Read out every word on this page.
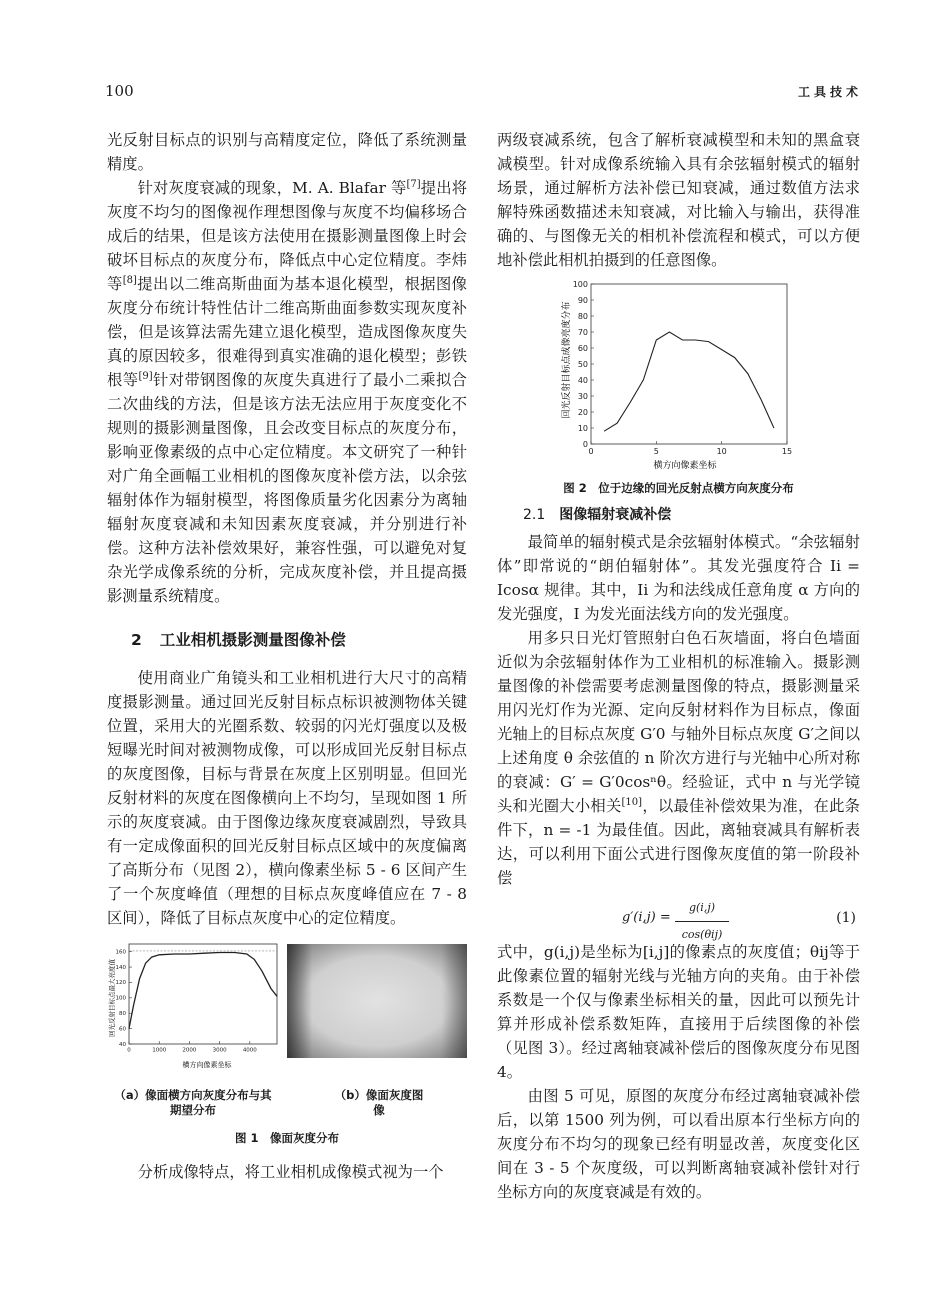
100	工具技术

光反射目标点的识别与高精度定位，降低了系统测量精度。

针对灰度衰减的现象，M. A. Blafar 等[7]提出将灰度不均匀的图像视作理想图像与灰度不均偏移场合成后的结果，但是该方法使用在摄影测量图像上时会破坏目标点的灰度分布，降低点中心定位精度。李炜等[8]提出以二维高斯曲面为基本退化模型，根据图像灰度分布统计特性估计二维高斯曲面参数实现灰度补偿，但是该算法需先建立退化模型，造成图像灰度失真的原因较多，很难得到真实准确的退化模型；彭铁根等[9]针对带钢图像的灰度失真进行了最小二乘拟合二次曲线的方法，但是该方法无法应用于灰度变化不规则的摄影测量图像，且会改变目标点的灰度分布，影响亚像素级的点中心定位精度。本文研究了一种针对广角全画幅工业相机的图像灰度补偿方法，以余弦辐射体作为辐射模型，将图像质量劣化因素分为离轴辐射灰度衰减和未知因素灰度衰减，并分别进行补偿。这种方法补偿效果好，兼容性强，可以避免对复杂光学成像系统的分析，完成灰度补偿，并且提高摄影测量系统精度。

2 工业相机摄影测量图像补偿

使用商业广角镜头和工业相机进行大尺寸的高精度摄影测量。通过回光反射目标点标识被测物体关键位置，采用大的光圈系数、较弱的闪光灯强度以及极短曝光时间对被测物成像，可以形成回光反射目标点的灰度图像，目标与背景在灰度上区别明显。但回光反射材料的灰度在图像横向上不均匀，呈现如图 1 所示的灰度衰减。由于图像边缘灰度衰减剧烈，导致具有一定成像面积的回光反射目标点区域中的灰度偏离了高斯分布（见图 2），横向像素坐标 5 - 6 区间产生了一个灰度峰值（理想的目标点灰度峰值应在 7 - 8 区间），降低了目标点灰度中心的定位精度。

回光反射目标点最大亮度值
横方向像素坐标
0	1000	2000	3000	4000
40
60
80
100
120
140
160
（a）像面横方向灰度分布与其期望分布
（b）像面灰度图像
图 1　像面灰度分布

分析成像特点，将工业相机成像模式视为一个

两级衰减系统，包含了解析衰减模型和未知的黑盒衰减模型。针对成像系统输入具有余弦辐射模式的辐射场景，通过解析方法补偿已知衰减，通过数值方法求解特殊函数描述未知衰减，对比输入与输出，获得准确的、与图像无关的相机补偿流程和模式，可以方便地补偿此相机拍摄到的任意图像。

回光反射目标点成像亮度分布
横方向像素坐标
0	5	10	15
0
10
20
30
40
50
60
70
80
90
100
图 2　位于边缘的回光反射点横方向灰度分布
2.1 图像辐射衰减补偿

最简单的辐射模式是余弦辐射体模式。“余弦辐射体”即常说的“朗伯辐射体”。其发光强度符合 Ii = Icosα 规律。其中，Ii 为和法线成任意角度 α 方向的发光强度，I 为发光面法线方向的发光强度。

用多只日光灯管照射白色石灰墙面，将白色墙面近似为余弦辐射体作为工业相机的标准输入。摄影测量图像的补偿需要考虑测量图像的特点，摄影测量采用闪光灯作为光源、定向反射材料作为目标点，像面光轴上的目标点灰度 G′0 与轴外目标点灰度 G′之间以上述角度 θ 余弦值的 n 阶次方进行与光轴中心所对称的衰减：G′ = G′0cosⁿθ。经验证，式中 n 与光学镜头和光圈大小相关[10]，以最佳补偿效果为准，在此条件下，n = -1 为最佳值。因此，离轴衰减具有解析表达，可以利用下面公式进行图像灰度值的第一阶段补偿

g′(i,j) =
g(i,j)
cos(θij)
(1)

式中，g(i,j)是坐标为[i,j]的像素点的灰度值；θij等于此像素位置的辐射光线与光轴方向的夹角。由于补偿系数是一个仅与像素坐标相关的量，因此可以预先计算并形成补偿系数矩阵，直接用于后续图像的补偿（见图 3）。经过离轴衰减补偿后的图像灰度分布见图 4。

由图 5 可见，原图的灰度分布经过离轴衰减补偿后，以第 1500 列为例，可以看出原本行坐标方向的灰度分布不均匀的现象已经有明显改善，灰度变化区间在 3 - 5 个灰度级，可以判断离轴衰减补偿针对行坐标方向的灰度衰减是有效的。
